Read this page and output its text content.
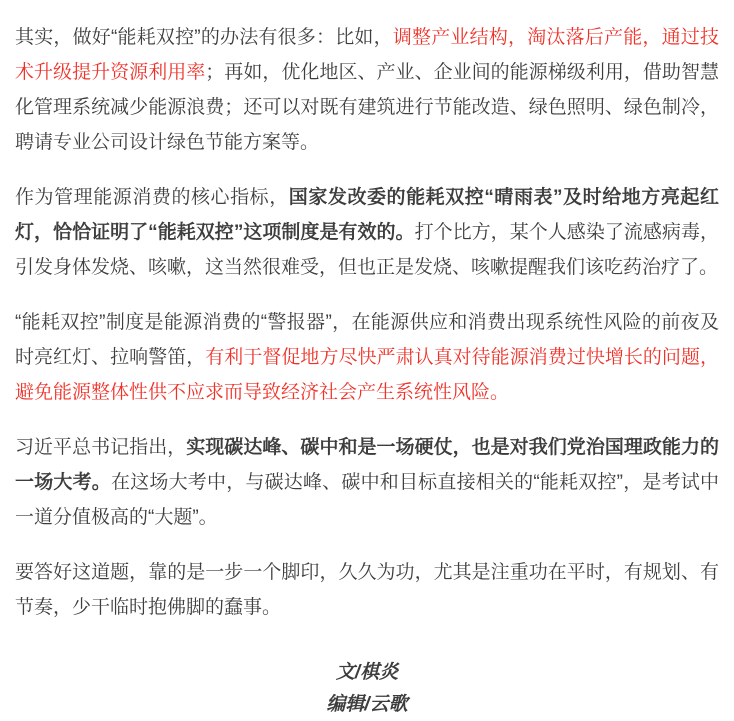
其实，做好“能耗双控”的办法有很多：比如，调整产业结构，淘汰落后产能，通过技术升级提升资源利用率；再如，优化地区、产业、企业间的能源梯级利用，借助智慧化管理系统减少能源浪费；还可以对既有建筑进行节能改造、绿色照明、绿色制冷，聘请专业公司设计绿色节能方案等。

作为管理能源消费的核心指标，国家发改委的能耗双控“晴雨表”及时给地方亮起红灯，恰恰证明了“能耗双控”这项制度是有效的。打个比方，某个人感染了流感病毒，引发身体发烧、咳嗽，这当然很难受，但也正是发烧、咳嗽提醒我们该吃药治疗了。

“能耗双控”制度是能源消费的“警报器”，在能源供应和消费出现系统性风险的前夜及时亮红灯、拉响警笛，有利于督促地方尽快严肃认真对待能源消费过快增长的问题，避免能源整体性供不应求而导致经济社会产生系统性风险。

习近平总书记指出，实现碳达峰、碳中和是一场硬仗，也是对我们党治国理政能力的一场大考。在这场大考中，与碳达峰、碳中和目标直接相关的“能耗双控”，是考试中一道分值极高的“大题”。

要答好这道题，靠的是一步一个脚印，久久为功，尤其是注重功在平时，有规划、有节奏，少干临时抱佛脚的蠢事。

文/棋炎

编辑/云歌
